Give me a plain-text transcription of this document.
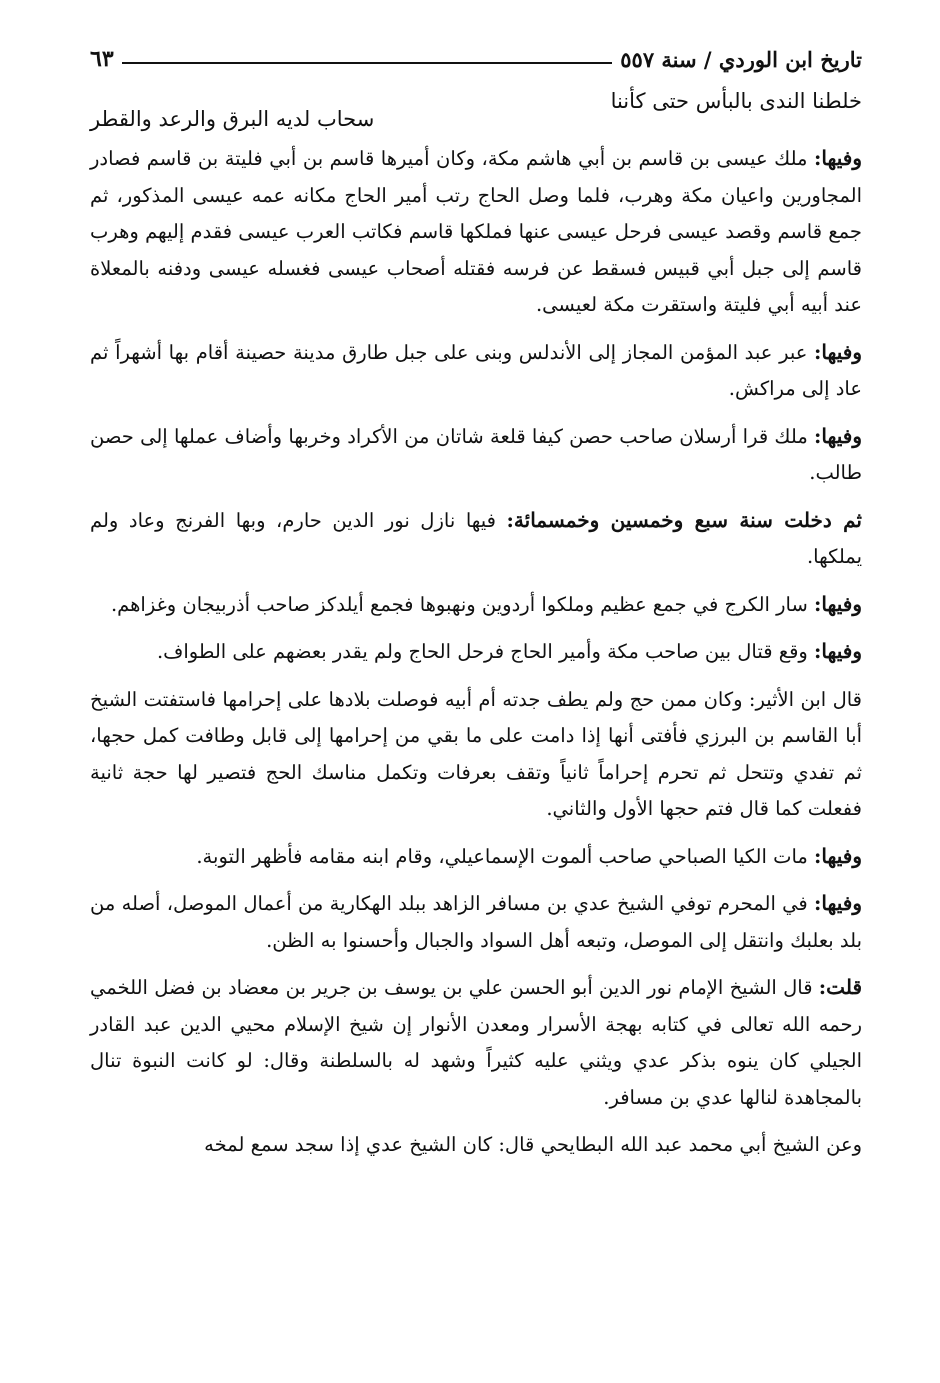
تاريخ ابن الوردي / سنة ٥٥٧
٦٣
خلطنا الندى بالبأس حتى كأننا
سحاب لديه البرق والرعد والقطر

وفيها: ملك عيسى بن قاسم بن أبي هاشم مكة، وكان أميرها قاسم بن أبي فليتة بن قاسم فصادر المجاورين واعيان مكة وهرب، فلما وصل الحاج رتب أمير الحاج مكانه عمه عيسى المذكور، ثم جمع قاسم وقصد عيسى فرحل عيسى عنها فملكها قاسم فكاتب العرب عيسى فقدم إليهم وهرب قاسم إلى جبل أبي قبيس فسقط عن فرسه فقتله أصحاب عيسى فغسله عيسى ودفنه بالمعلاة عند أبيه أبي فليتة واستقرت مكة لعيسى.

وفيها: عبر عبد المؤمن المجاز إلى الأندلس وبنى على جبل طارق مدينة حصينة أقام بها أشهراً ثم عاد إلى مراكش.

وفيها: ملك قرا أرسلان صاحب حصن كيفا قلعة شاتان من الأكراد وخربها وأضاف عملها إلى حصن طالب.

ثم دخلت سنة سبع وخمسين وخمسمائة: فيها نازل نور الدين حارم، وبها الفرنج وعاد ولم يملكها.

وفيها: سار الكرج في جمع عظيم وملكوا أردوين ونهبوها فجمع أيلدكز صاحب أذربيجان وغزاهم.

وفيها: وقع قتال بين صاحب مكة وأمير الحاج فرحل الحاج ولم يقدر بعضهم على الطواف.

قال ابن الأثير: وكان ممن حج ولم يطف جدته أم أبيه فوصلت بلادها على إحرامها فاستفتت الشيخ أبا القاسم بن البرزي فأفتى أنها إذا دامت على ما بقي من إحرامها إلى قابل وطافت كمل حجها، ثم تفدي وتتحل ثم تحرم إحراماً ثانياً وتقف بعرفات وتكمل مناسك الحج فتصير لها حجة ثانية ففعلت كما قال فتم حجها الأول والثاني.

وفيها: مات الكيا الصباحي صاحب ألموت الإسماعيلي، وقام ابنه مقامه فأظهر التوبة.

وفيها: في المحرم توفي الشيخ عدي بن مسافر الزاهد ببلد الهكارية من أعمال الموصل، أصله من بلد بعلبك وانتقل إلى الموصل، وتبعه أهل السواد والجبال وأحسنوا به الظن.

قلت: قال الشيخ الإمام نور الدين أبو الحسن علي بن يوسف بن جرير بن معضاد بن فضل اللخمي رحمه الله تعالى في كتابه بهجة الأسرار ومعدن الأنوار إن شيخ الإسلام محيي الدين عبد القادر الجيلي كان ينوه بذكر عدي ويثني عليه كثيراً وشهد له بالسلطنة وقال: لو كانت النبوة تنال بالمجاهدة لنالها عدي بن مسافر.

وعن الشيخ أبي محمد عبد الله البطايحي قال: كان الشيخ عدي إذا سجد سمع لمخه
